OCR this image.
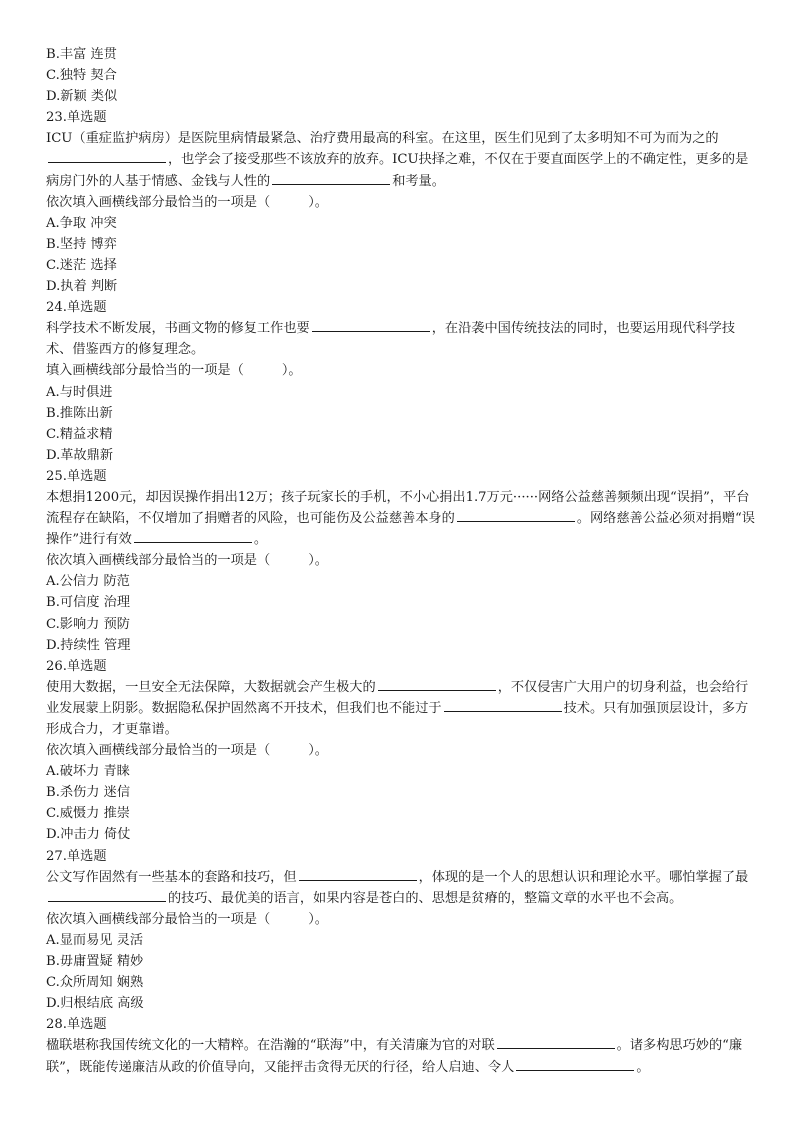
B.丰富 连贯
C.独特 契合
D.新颖 类似
23.单选题
ICU（重症监护病房）是医院里病情最紧急、治疗费用最高的科室。在这里，医生们见到了太多明知不可为而为之的，也学会了接受那些不该放弃的放弃。ICU抉择之难，不仅在于要直面医学上的不确定性，更多的是病房门外的人基于情感、金钱与人性的	和考量。
依次填入画横线部分最恰当的一项是（	）。
A.争取 冲突
B.坚持 博弈
C.迷茫 选择
D.执着 判断
24.单选题
科学技术不断发展，书画文物的修复工作也要	，在沿袭中国传统技法的同时，也要运用现代科学技术、借鉴西方的修复理念。
填入画横线部分最恰当的一项是（	）。
A.与时俱进
B.推陈出新
C.精益求精
D.革故鼎新
25.单选题
本想捐1200元，却因误操作捐出12万；孩子玩家长的手机，不小心捐出1.7万元······网络公益慈善频频出现“误捐”，平台流程存在缺陷，不仅增加了捐赠者的风险，也可能伤及公益慈善本身的	。网络慈善公益必须对捐赠“误操作”进行有效	。
依次填入画横线部分最恰当的一项是（	）。
A.公信力 防范
B.可信度 治理
C.影响力 预防
D.持续性 管理
26.单选题
使用大数据，一旦安全无法保障，大数据就会产生极大的	，不仅侵害广大用户的切身利益，也会给行业发展蒙上阴影。数据隐私保护固然离不开技术，但我们也不能过于	技术。只有加强顶层设计，多方形成合力，才更靠谱。
依次填入画横线部分最恰当的一项是（	）。
A.破坏力 青睐
B.杀伤力 迷信
C.威慑力 推崇
D.冲击力 倚仗
27.单选题
公文写作固然有一些基本的套路和技巧，但	，体现的是一个人的思想认识和理论水平。哪怕掌握了最的技巧、最优美的语言，如果内容是苍白的、思想是贫瘠的，整篇文章的水平也不会高。
依次填入画横线部分最恰当的一项是（	）。
A.显而易见 灵活
B.毋庸置疑 精妙
C.众所周知 娴熟
D.归根结底 高级
28.单选题
楹联堪称我国传统文化的一大精粹。在浩瀚的“联海”中，有关清廉为官的对联	。诸多构思巧妙的“廉联”，既能传递廉洁从政的价值导向，又能抨击贪得无厌的行径，给人启迪、令人	。
